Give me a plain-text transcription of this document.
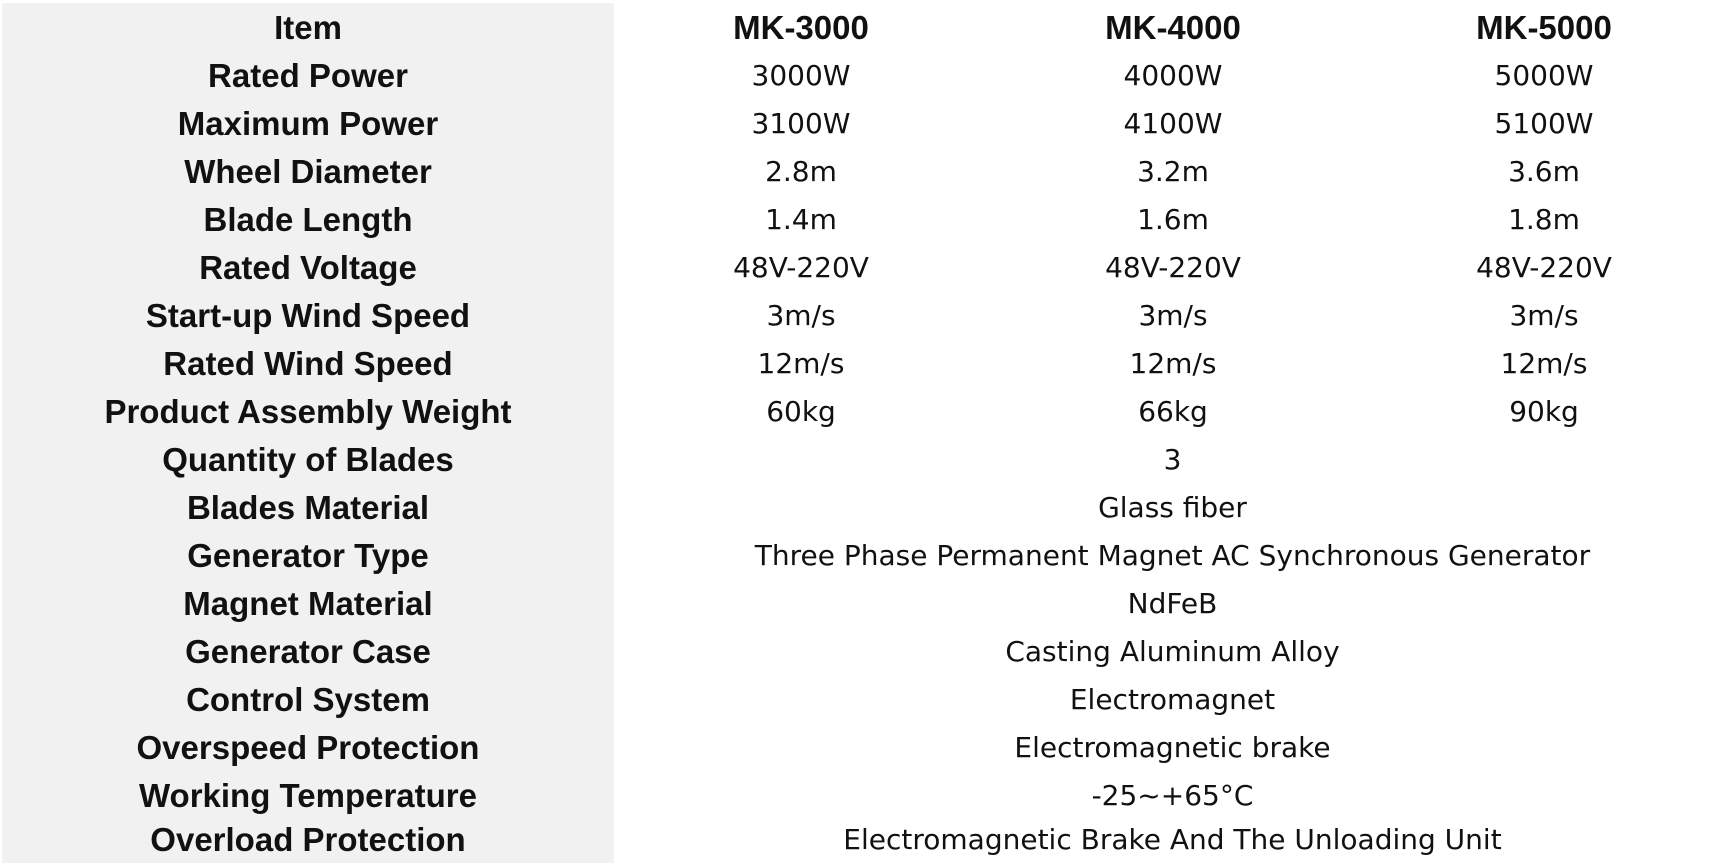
Item	MK-3000	MK-4000	MK-5000
Rated Power	3000W	4000W	5000W
Maximum Power	3100W	4100W	5100W
Wheel Diameter	2.8m	3.2m	3.6m
Blade Length	1.4m	1.6m	1.8m
Rated Voltage	48V-220V	48V-220V	48V-220V
Start-up Wind Speed	3m/s	3m/s	3m/s
Rated Wind Speed	12m/s	12m/s	12m/s
Product Assembly Weight	60kg	66kg	90kg
Quantity of Blades	3
Blades Material	Glass fiber
Generator Type	Three Phase Permanent Magnet AC Synchronous Generator
Magnet Material	NdFeB
Generator Case	Casting Aluminum Alloy
Control System	Electromagnet
Overspeed Protection	Electromagnetic brake
Working Temperature	-25~+65°C
Overload Protection	Electromagnetic Brake And The Unloading Unit
